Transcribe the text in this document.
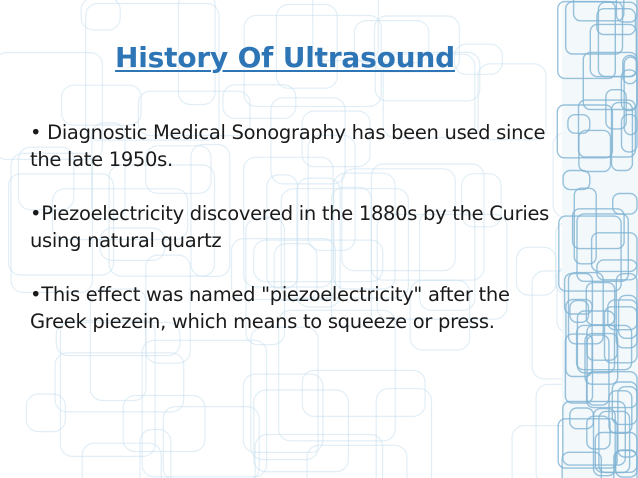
History Of Ultrasound
• Diagnostic Medical Sonography has been used since the late 1950s.
•Piezoelectricity discovered in the 1880s by the Curies using natural quartz
•This effect was named "piezoelectricity" after the Greek piezein, which means to squeeze or press.
